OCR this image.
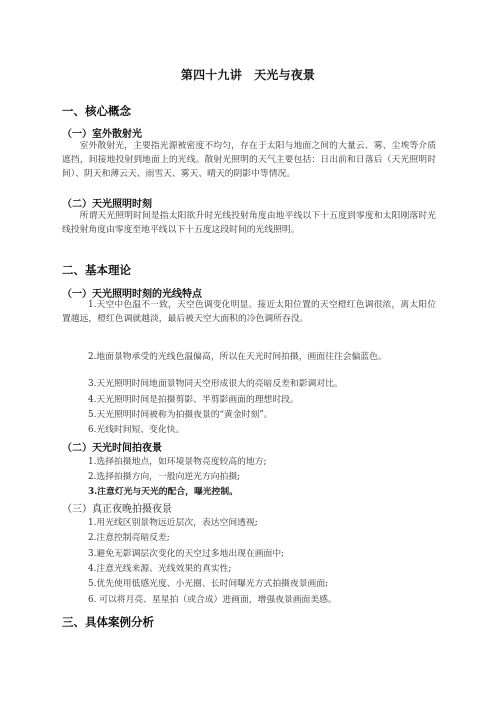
第四十九讲　天光与夜景
一、核心概念
（一）室外散射光

室外散射光，主要指光源被密度不均匀，存在于太阳与地面之间的大量云、雾、尘埃等介质遮挡，间接地投射到地面上的光线。散射光照明的天气主要包括：日出前和日落后（天光照明时间）、阴天和薄云天、雨雪天、雾天、晴天的阴影中等情况。

（二）天光照明时刻

所谓天光照明时间是指太阳欲升时光线投射角度由地平线以下十五度到零度和太阳刚落时光线投射角度由零度至地平线以下十五度这段时间的光线照明。

二、基本理论
（一）天光照明时刻的光线特点

1.天空中色温不一致，天空色调变化明显。接近太阳位置的天空橙红色调很浓，离太阳位置越远，橙红色调就越淡，最后被天空大面积的冷色调所吞没。

2.地面景物承受的光线色温偏高，所以在天光时间拍摄，画面往往会偏蓝色。

3.天光照明时间地面景物同天空形成很大的亮暗反差和影调对比。

4.天光照明时间是拍摄剪影、半剪影画面的理想时段。

5.天光照明时间被称为拍摄夜景的“黄金时刻”。

6.光线时间短、变化快。

（二）天光时间拍夜景

1.选择拍摄地点，如环境景物亮度较高的地方;

2.选择拍摄方向，一般向逆光方向拍摄;

3.注意灯光与天光的配合，曝光控制。

（三）真正夜晚拍摄夜景

1.用光线区别景物远近层次，表达空间透视;

2.注意控制亮暗反差;

3.避免无影调层次变化的天空过多地出现在画面中;

4.注意光线来源、光线效果的真实性;

5.优先使用低感光度、小光圈、长时间曝光方式拍摄夜景画面;

6. 可以将月亮、星星拍（或合成）进画面，增强夜景画面美感。

三、具体案例分析
